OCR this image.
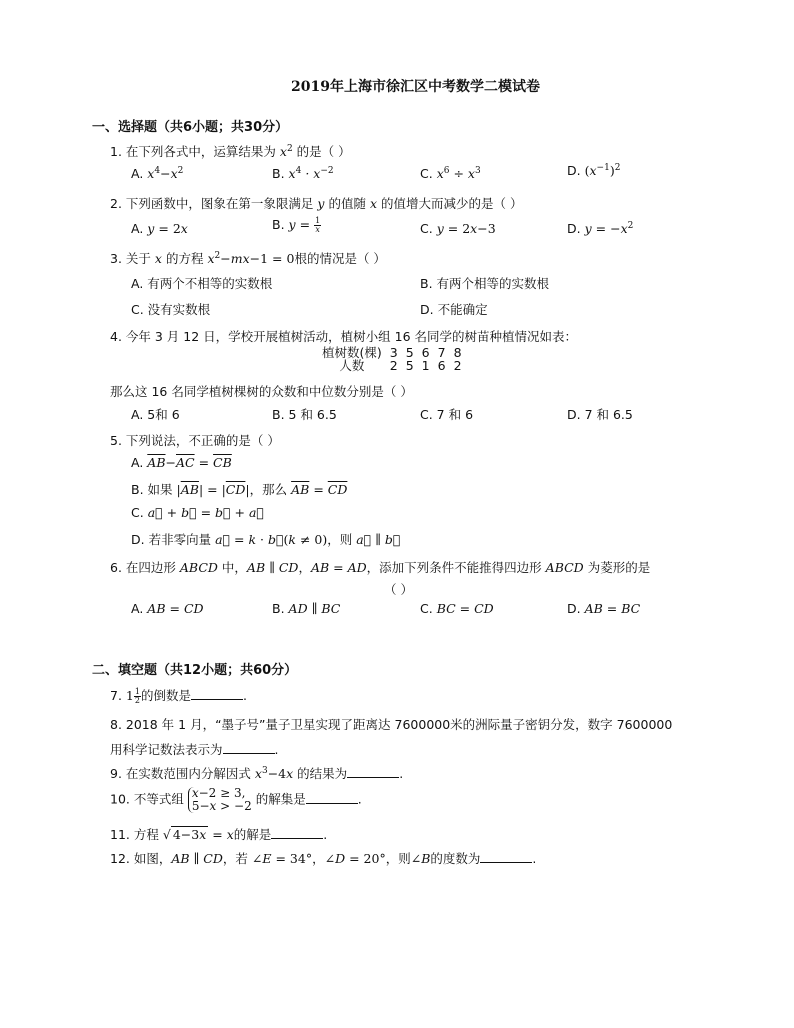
2019年上海市徐汇区中考数学二模试卷
一、选择题（共6小题；共30分）
1. 在下列各式中，运算结果为 $x^2$ 的是（ ）
A. $x^4-x^2$	B. $x^4 \cdot x^{-2}$	C. $x^6 \div x^3$	D. $(x^{-1})^2$
2. 下列函数中，图象在第一象限满足 y 的值随 x 的值增大而减少的是（ ）
A. y = 2x	B. $y = \frac{1}{x}$	C. y = 2x−3	D. $y = -x^2$
3. 关于 x 的方程 $x^2-mx-1 = 0$根的情况是（ ）
A. 有两个不相等的实数根	B. 有两个相等的实数根
C. 没有实数根	D. 不能确定
4. 今年 3 月 12 日，学校开展植树活动，植树小组 16 名同学的树苗种植情况如表：
植树数(棵)	3	5	6	7	8
人数	2	5	1	6	2
那么这 16 名同学植树棵树的众数和中位数分别是（ ）
A. 5和 6	B. 5 和 6.5	C. 7 和 6	D. 7 和 6.5
5. 下列说法，不正确的是（ ）
A. $\overline{AB}-\overline{AC} = \overline{CB}$
B. 如果 $|\overline{AB}| = |\overline{CD}|$，那么 $\overline{AB} = \overline{CD}$
C. a⃗ + b⃗ = b⃗ + a⃗
D. 若非零向量 a⃗ = k · b⃗(k ≠ 0)，则 a⃗ ∥ b⃗
6. 在四边形 ABCD 中，AB ∥ CD，AB = AD，添加下列条件不能推得四边形 ABCD 为菱形的是
（ ）
A. AB = CD	B. AD ∥ BC	C. BC = CD	D. AB = BC
二、填空题（共12小题；共60分）
7. $1 \frac{1}{2}$ 的倒数是	.
8. 2018 年 1 月，“墨子号”量子卫星实现了距离达 7600000米的洲际量子密钥分发，数字 7600000
用科学记数法表示为	.
9. 在实数范围内分解因式 $x^3-4x$ 的结果为	.
10. 不等式组 x−2 ≥ 3,
5−x > −2 的解集是	.
11. 方程 √ 4−3x = x的解是	.
12. 如图，AB ∥ CD，若 ∠E = 34°，∠D = 20°，则∠B的度数为	.
